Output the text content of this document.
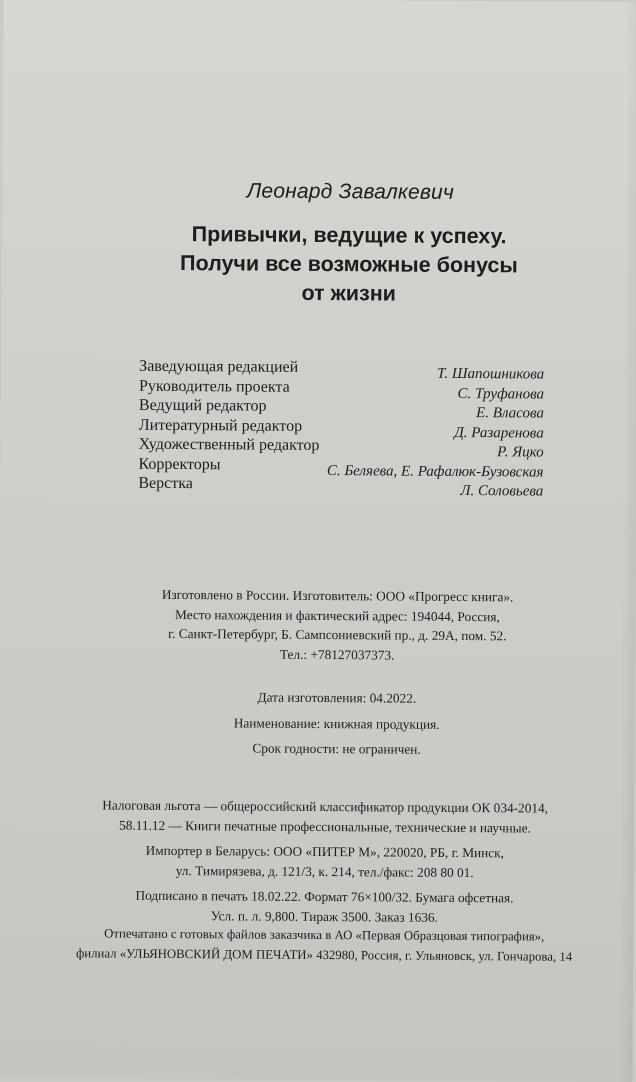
Леонард Завалкевич
Привычки, ведущие к успеху.
Получи все возможные бонусы
от жизни
Заведующая редакцией	Т. Шапошникова
Руководитель проекта	С. Труфанова
Ведущий редактор	Е. Власова
Литературный редактор	Д. Разаренова
Художественный редактор	Р. Яцко
Корректоры	С. Беляева, Е. Рафалюк-Бузовская
Верстка	Л. Соловьева
Изготовлено в России. Изготовитель: ООО «Прогресс книга».
Место нахождения и фактический адрес: 194044, Россия,
г. Санкт-Петербург, Б. Сампсониевский пр., д. 29А, пом. 52.
Тел.: +78127037373.
Дата изготовления: 04.2022.
Наименование: книжная продукция.
Срок годности: не ограничен.
Налоговая льгота — общероссийский классификатор продукции ОК 034-2014,
58.11.12 — Книги печатные профессиональные, технические и научные.
Импортер в Беларусь: ООО «ПИТЕР М», 220020, РБ, г. Минск,
ул. Тимирязева, д. 121/3, к. 214, тел./факс: 208 80 01.
Подписано в печать 18.02.22. Формат 76×100/32. Бумага офсетная.
Усл. п. л. 9,800. Тираж 3500. Заказ 1636.
Отпечатано с готовых файлов заказчика в АО «Первая Образцовая типография»,
филиал «УЛЬЯНОВСКИЙ ДОМ ПЕЧАТИ» 432980, Россия, г. Ульяновск, ул. Гончарова, 14
